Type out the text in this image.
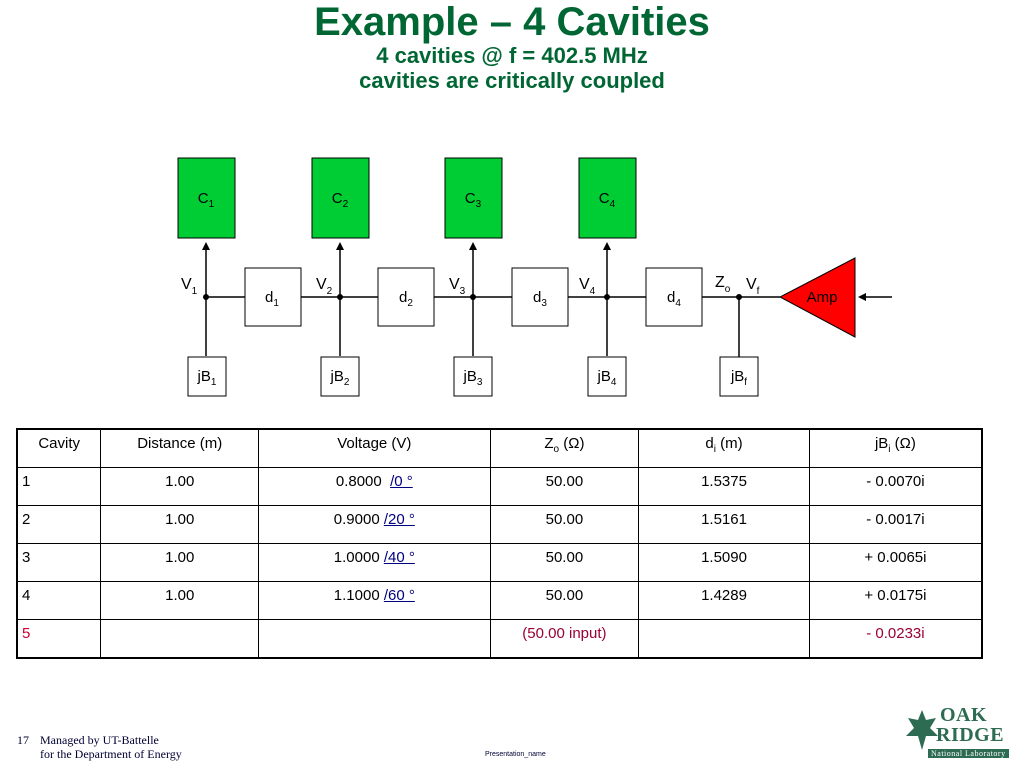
Example – 4 Cavities
4 cavities @ f = 402.5 MHz
cavities are critically coupled
$C_1$
$V_1$
$jB_1$
$d_1$
$C_2$
$V_2$
$jB_2$
$d_2$
$C_3$
$V_3$
$jB_3$
$d_3$
$C_4$
$V_4$
$jB_4$
$d_4$
$Z_o$ $V_f$
$jB_f$
Amp
Cavity	Distance (m)	Voltage (V)	$Z_o$ (Ω)	$d_i$ (m)	$jB_i$ (Ω)
1	1.00	0.8000  /0 °	50.00	1.5375	- 0.0070i
2	1.00	0.9000 /20 °	50.00	1.5161	- 0.0017i
3	1.00	1.0000 /40 °	50.00	1.5090	+ 0.0065i
4	1.00	1.1000 /60 °	50.00	1.4289	+ 0.0175i
5			(50.00 input)		- 0.0233i
17 Managed by UT-Battelle
for the Department of Energy	Presentation_name
OAK
RIDGE
National Laboratory
